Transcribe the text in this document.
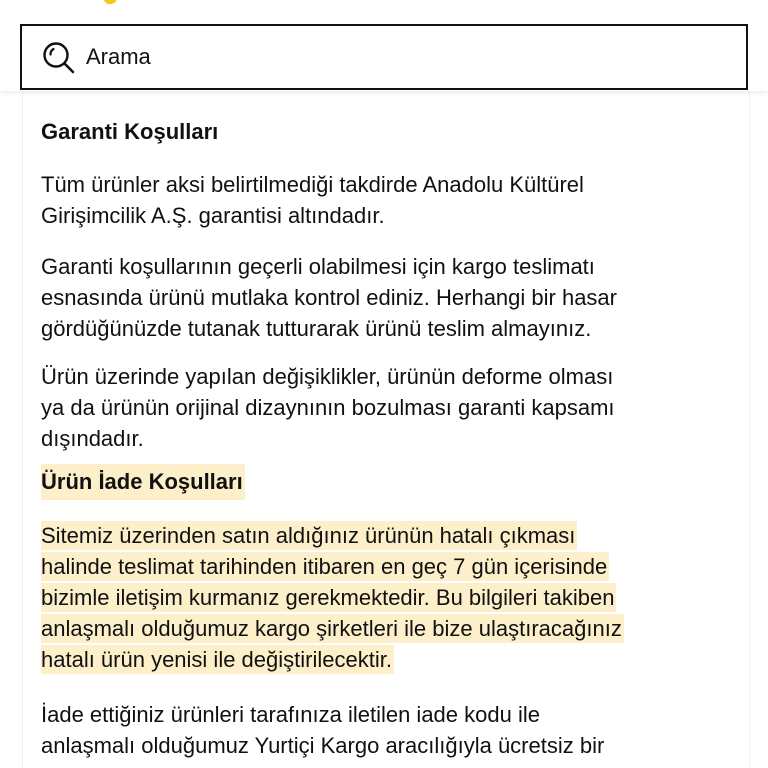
Arama
Garanti Koşulları

Tüm ürünler aksi belirtilmediği takdirde Anadolu Kültürel
Girişimcilik A.Ş. garantisi altındadır.

Garanti koşullarının geçerli olabilmesi için kargo teslimatı
esnasında ürünü mutlaka kontrol ediniz. Herhangi bir hasar
gördüğünüzde tutanak tutturarak ürünü teslim almayınız.

Ürün üzerinde yapılan değişiklikler, ürünün deforme olması
ya da ürünün orijinal dizaynının bozulması garanti kapsamı
dışındadır.

Ürün İade Koşulları

Sitemiz üzerinden satın aldığınız ürünün hatalı çıkması
halinde teslimat tarihinden itibaren en geç 7 gün içerisinde
bizimle iletişim kurmanız gerekmektedir. Bu bilgileri takiben
anlaşmalı olduğumuz kargo şirketleri ile bize ulaştıracağınız
hatalı ürün yenisi ile değiştirilecektir.

İade ettiğiniz ürünleri tarafınıza iletilen iade kodu ile
anlaşmalı olduğumuz Yurtiçi Kargo aracılığıyla ücretsiz bir
